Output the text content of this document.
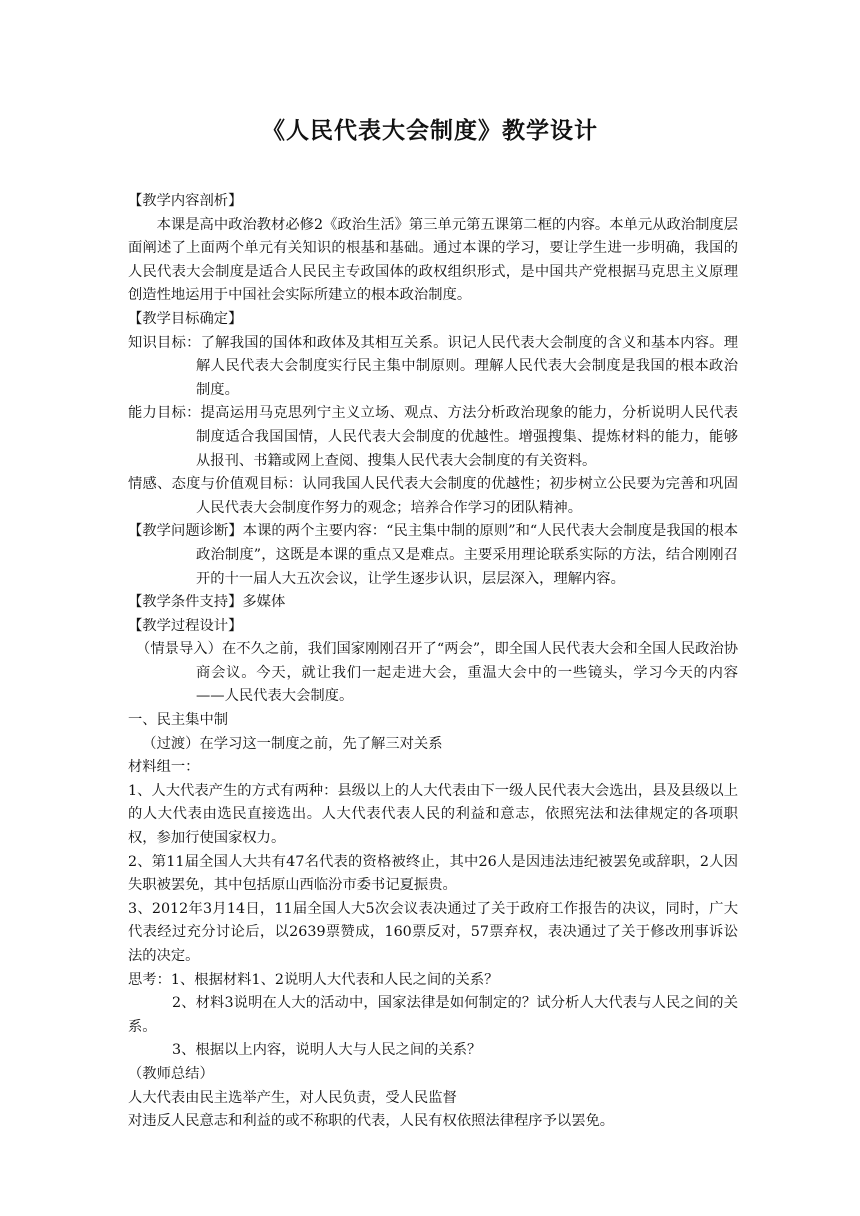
《人民代表大会制度》教学设计

【教学内容剖析】

本课是高中政治教材必修2《政治生活》第三单元第五课第二框的内容。本单元从政治制度层面阐述了上面两个单元有关知识的根基和基础。通过本课的学习，要让学生进一步明确，我国的人民代表大会制度是适合人民民主专政国体的政权组织形式，是中国共产党根据马克思主义原理创造性地运用于中国社会实际所建立的根本政治制度。

【教学目标确定】

知识目标：了解我国的国体和政体及其相互关系。识记人民代表大会制度的含义和基本内容。理解人民代表大会制度实行民主集中制原则。理解人民代表大会制度是我国的根本政治制度。

能力目标：提高运用马克思列宁主义立场、观点、方法分析政治现象的能力，分析说明人民代表制度适合我国国情，人民代表大会制度的优越性。增强搜集、提炼材料的能力，能够从报刊、书籍或网上查阅、搜集人民代表大会制度的有关资料。

情感、态度与价值观目标：认同我国人民代表大会制度的优越性；初步树立公民要为完善和巩固人民代表大会制度作努力的观念；培养合作学习的团队精神。

【教学问题诊断】本课的两个主要内容：“民主集中制的原则”和“人民代表大会制度是我国的根本政治制度”，这既是本课的重点又是难点。主要采用理论联系实际的方法，结合刚刚召开的十一届人大五次会议，让学生逐步认识，层层深入，理解内容。

【教学条件支持】多媒体

【教学过程设计】

（情景导入）在不久之前，我们国家刚刚召开了“两会”，即全国人民代表大会和全国人民政治协商会议。今天，就让我们一起走进大会，重温大会中的一些镜头，学习今天的内容——人民代表大会制度。

一、民主集中制

（过渡）在学习这一制度之前，先了解三对关系

材料组一：

1、人大代表产生的方式有两种：县级以上的人大代表由下一级人民代表大会选出，县及县级以上的人大代表由选民直接选出。人大代表代表人民的利益和意志，依照宪法和法律规定的各项职权，参加行使国家权力。

2、第11届全国人大共有47名代表的资格被终止，其中26人是因违法违纪被罢免或辞职，2人因失职被罢免，其中包括原山西临汾市委书记夏振贵。

3、2012年3月14日，11届全国人大5次会议表决通过了关于政府工作报告的决议，同时，广大代表经过充分讨论后，以2639票赞成，160票反对，57票弃权，表决通过了关于修改刑事诉讼法的决定。

思考：1、根据材料1、2说明人大代表和人民之间的关系？

2、材料3说明在人大的活动中，国家法律是如何制定的？试分析人大代表与人民之间的关系。

3、根据以上内容，说明人大与人民之间的关系？

（教师总结）

人大代表由民主选举产生，对人民负责，受人民监督

对违反人民意志和利益的或不称职的代表，人民有权依照法律程序予以罢免。
